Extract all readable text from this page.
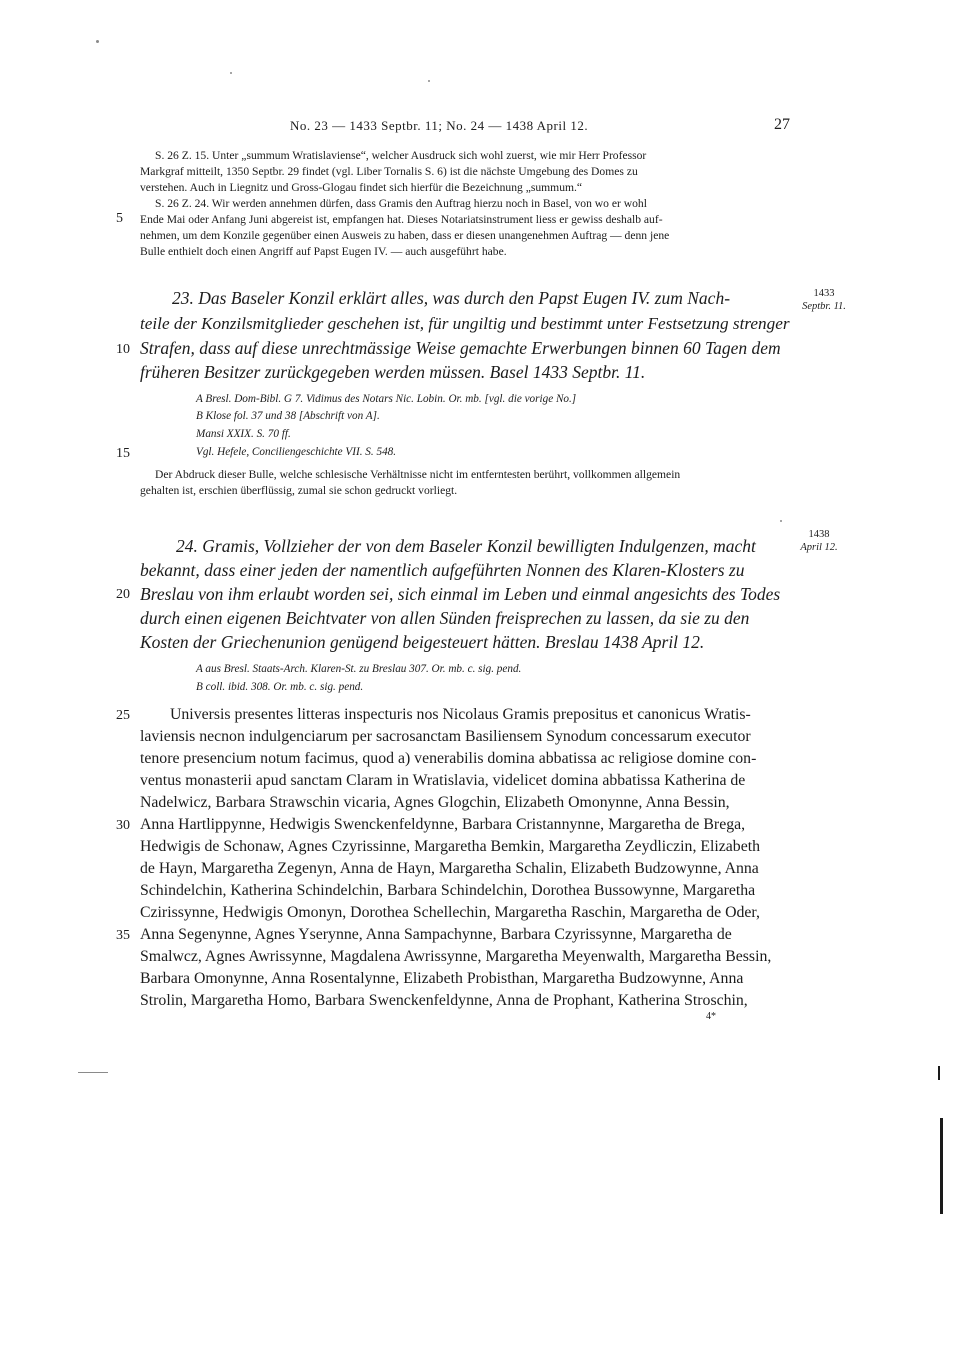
No. 23 — 1433 Septbr. 11; No. 24 — 1438 April 12.	27
S. 26 Z. 15. Unter „summum Wratislaviense“, welcher Ausdruck sich wohl zuerst, wie mir Herr Professor
Markgraf mitteilt, 1350 Septbr. 29 findet (vgl. Liber Tornalis S. 6) ist die nächste Umgebung des Domes zu
verstehen. Auch in Liegnitz und Gross-Glogau findet sich hierfür die Bezeichnung „summum.“
S. 26 Z. 24. Wir werden annehmen dürfen, dass Gramis den Auftrag hierzu noch in Basel, von wo er wohl
Ende Mai oder Anfang Juni abgereist ist, empfangen hat. Dieses Notariatsinstrument liess er gewiss deshalb auf-
nehmen, um dem Konzile gegenüber einen Ausweis zu haben, dass er diesen unangenehmen Auftrag — denn jene
Bulle enthielt doch einen Angriff auf Papst Eugen IV. — auch ausgeführt habe.
5
1433
Septbr. 11.
23. Das Baseler Konzil erklärt alles, was durch den Papst Eugen IV. zum Nach-
teile der Konzilsmitglieder geschehen ist, für ungiltig und bestimmt unter Festsetzung strenger
Strafen, dass auf diese unrechtmässige Weise gemachte Erwerbungen binnen 60 Tagen dem
früheren Besitzer zurückgegeben werden müssen. Basel 1433 Septbr. 11.
10
A Bresl. Dom-Bibl. G 7. Vidimus des Notars Nic. Lobin. Or. mb. [vgl. die vorige No.]
B Klose fol. 37 und 38 [Abschrift von A].
Mansi XXIX. S. 70 ff.
Vgl. Hefele, Conciliengeschichte VII. S. 548.
15
Der Abdruck dieser Bulle, welche schlesische Verhältnisse nicht im entferntesten berührt, vollkommen allgemein
gehalten ist, erschien überflüssig, zumal sie schon gedruckt vorliegt.
1438
April 12.
24. Gramis, Vollzieher der von dem Baseler Konzil bewilligten Indulgenzen, macht
bekannt, dass einer jeden der namentlich aufgeführten Nonnen des Klaren-Klosters zu
Breslau von ihm erlaubt worden sei, sich einmal im Leben und einmal angesichts des Todes
durch einen eigenen Beichtvater von allen Sünden freisprechen zu lassen, da sie zu den
Kosten der Griechenunion genügend beigesteuert hätten. Breslau 1438 April 12.
20
A aus Bresl. Staats-Arch. Klaren-St. zu Breslau 307. Or. mb. c. sig. pend.
B coll. ibid. 308. Or. mb. c. sig. pend.
Universis presentes litteras inspecturis nos Nicolaus Gramis prepositus et canonicus Wratis-
laviensis necnon indulgenciarum per sacrosanctam Basiliensem Synodum concessarum executor
tenore presencium notum facimus, quod a) venerabilis domina abbatissa ac religiose domine con-
ventus monasterii apud sanctam Claram in Wratislavia, videlicet domina abbatissa Katherina de
Nadelwicz, Barbara Strawschin vicaria, Agnes Glogchin, Elizabeth Omonynne, Anna Bessin,
Anna Hartlippynne, Hedwigis Swenckenfeldynne, Barbara Cristannynne, Margaretha de Brega,
Hedwigis de Schonaw, Agnes Czyrissinne, Margaretha Bemkin, Margaretha Zeydliczin, Elizabeth
de Hayn, Margaretha Zegenyn, Anna de Hayn, Margaretha Schalin, Elizabeth Budzowynne, Anna
Schindelchin, Katherina Schindelchin, Barbara Schindelchin, Dorothea Bussowynne, Margaretha
Czirissynne, Hedwigis Omonyn, Dorothea Schellechin, Margaretha Raschin, Margaretha de Oder,
Anna Segenynne, Agnes Yserynne, Anna Sampachynne, Barbara Czyrissynne, Margaretha de
Smalwcz, Agnes Awrissynne, Magdalena Awrissynne, Margaretha Meyenwalth, Margaretha Bessin,
Barbara Omonynne, Anna Rosentalynne, Elizabeth Probisthan, Margaretha Budzowynne, Anna
Strolin, Margaretha Homo, Barbara Swenckenfeldynne, Anna de Prophant, Katherina Stroschin,
4*
25
30
35
